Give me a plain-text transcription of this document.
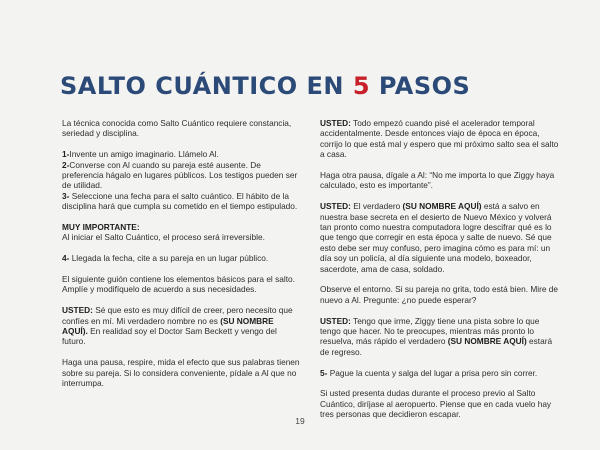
SALTO CUÁNTICO EN 5 PASOS

La técnica conocida como Salto Cuántico requiere constancia, seriedad y disciplina.

1-Invente un amigo imaginario. Llámelo Al.

2-Converse con Al cuando su pareja esté ausente. De preferencia hágalo en lugares públicos. Los testigos pueden ser de utilidad.

3- Seleccione una fecha para el salto cuántico. El hábito de la disciplina hará que cumpla su cometido en el tiempo estipulado.

MUY IMPORTANTE:
Al iniciar el Salto Cuántico, el proceso será irreversible.

4- Llegada la fecha, cite a su pareja en un lugar público.

El siguiente guión contiene los elementos básicos para el salto. Amplíe y modifíquelo de acuerdo a sus necesidades.

USTED: Sé que esto es muy difícil de creer, pero necesito que confíes en mí. Mi verdadero nombre no es (SU NOMBRE AQUÍ). En realidad soy el Doctor Sam Beckett y vengo del futuro.

Haga una pausa, respire, mida el efecto que sus palabras tienen sobre su pareja. Si lo considera conveniente, pídale a Al que no interrumpa.

USTED: Todo empezó cuando pisé el acelerador temporal accidentalmente. Desde entonces viajo de época en época, corrijo lo que está mal y espero que mi próximo salto sea el salto a casa.

Haga otra pausa, dígale a Al: “No me importa lo que Ziggy haya calculado, esto es importante”.

USTED: El verdadero (SU NOMBRE AQUÍ) está a salvo en nuestra base secreta en el desierto de Nuevo México y volverá tan pronto como nuestra computadora logre descifrar qué es lo que tengo que corregir en esta época y salte de nuevo. Sé que esto debe ser muy confuso, pero imagina cómo es para mí: un día soy un policía, al día siguiente una modelo, boxeador, sacerdote, ama de casa, soldado.

Observe el entorno. Si su pareja no grita, todo está bien. Mire de nuevo a Al. Pregunte: ¿no puede esperar?

USTED: Tengo que irme, Ziggy tiene una pista sobre lo que tengo que hacer. No te preocupes, mientras más pronto lo resuelva, más rápido el verdadero (SU NOMBRE AQUÍ) estará de regreso.

5- Pague la cuenta y salga del lugar a prisa pero sin correr.

Si usted presenta dudas durante el proceso previo al Salto Cuántico, diríjase al aeropuerto. Piense que en cada vuelo hay tres personas que decidieron escapar.

19
